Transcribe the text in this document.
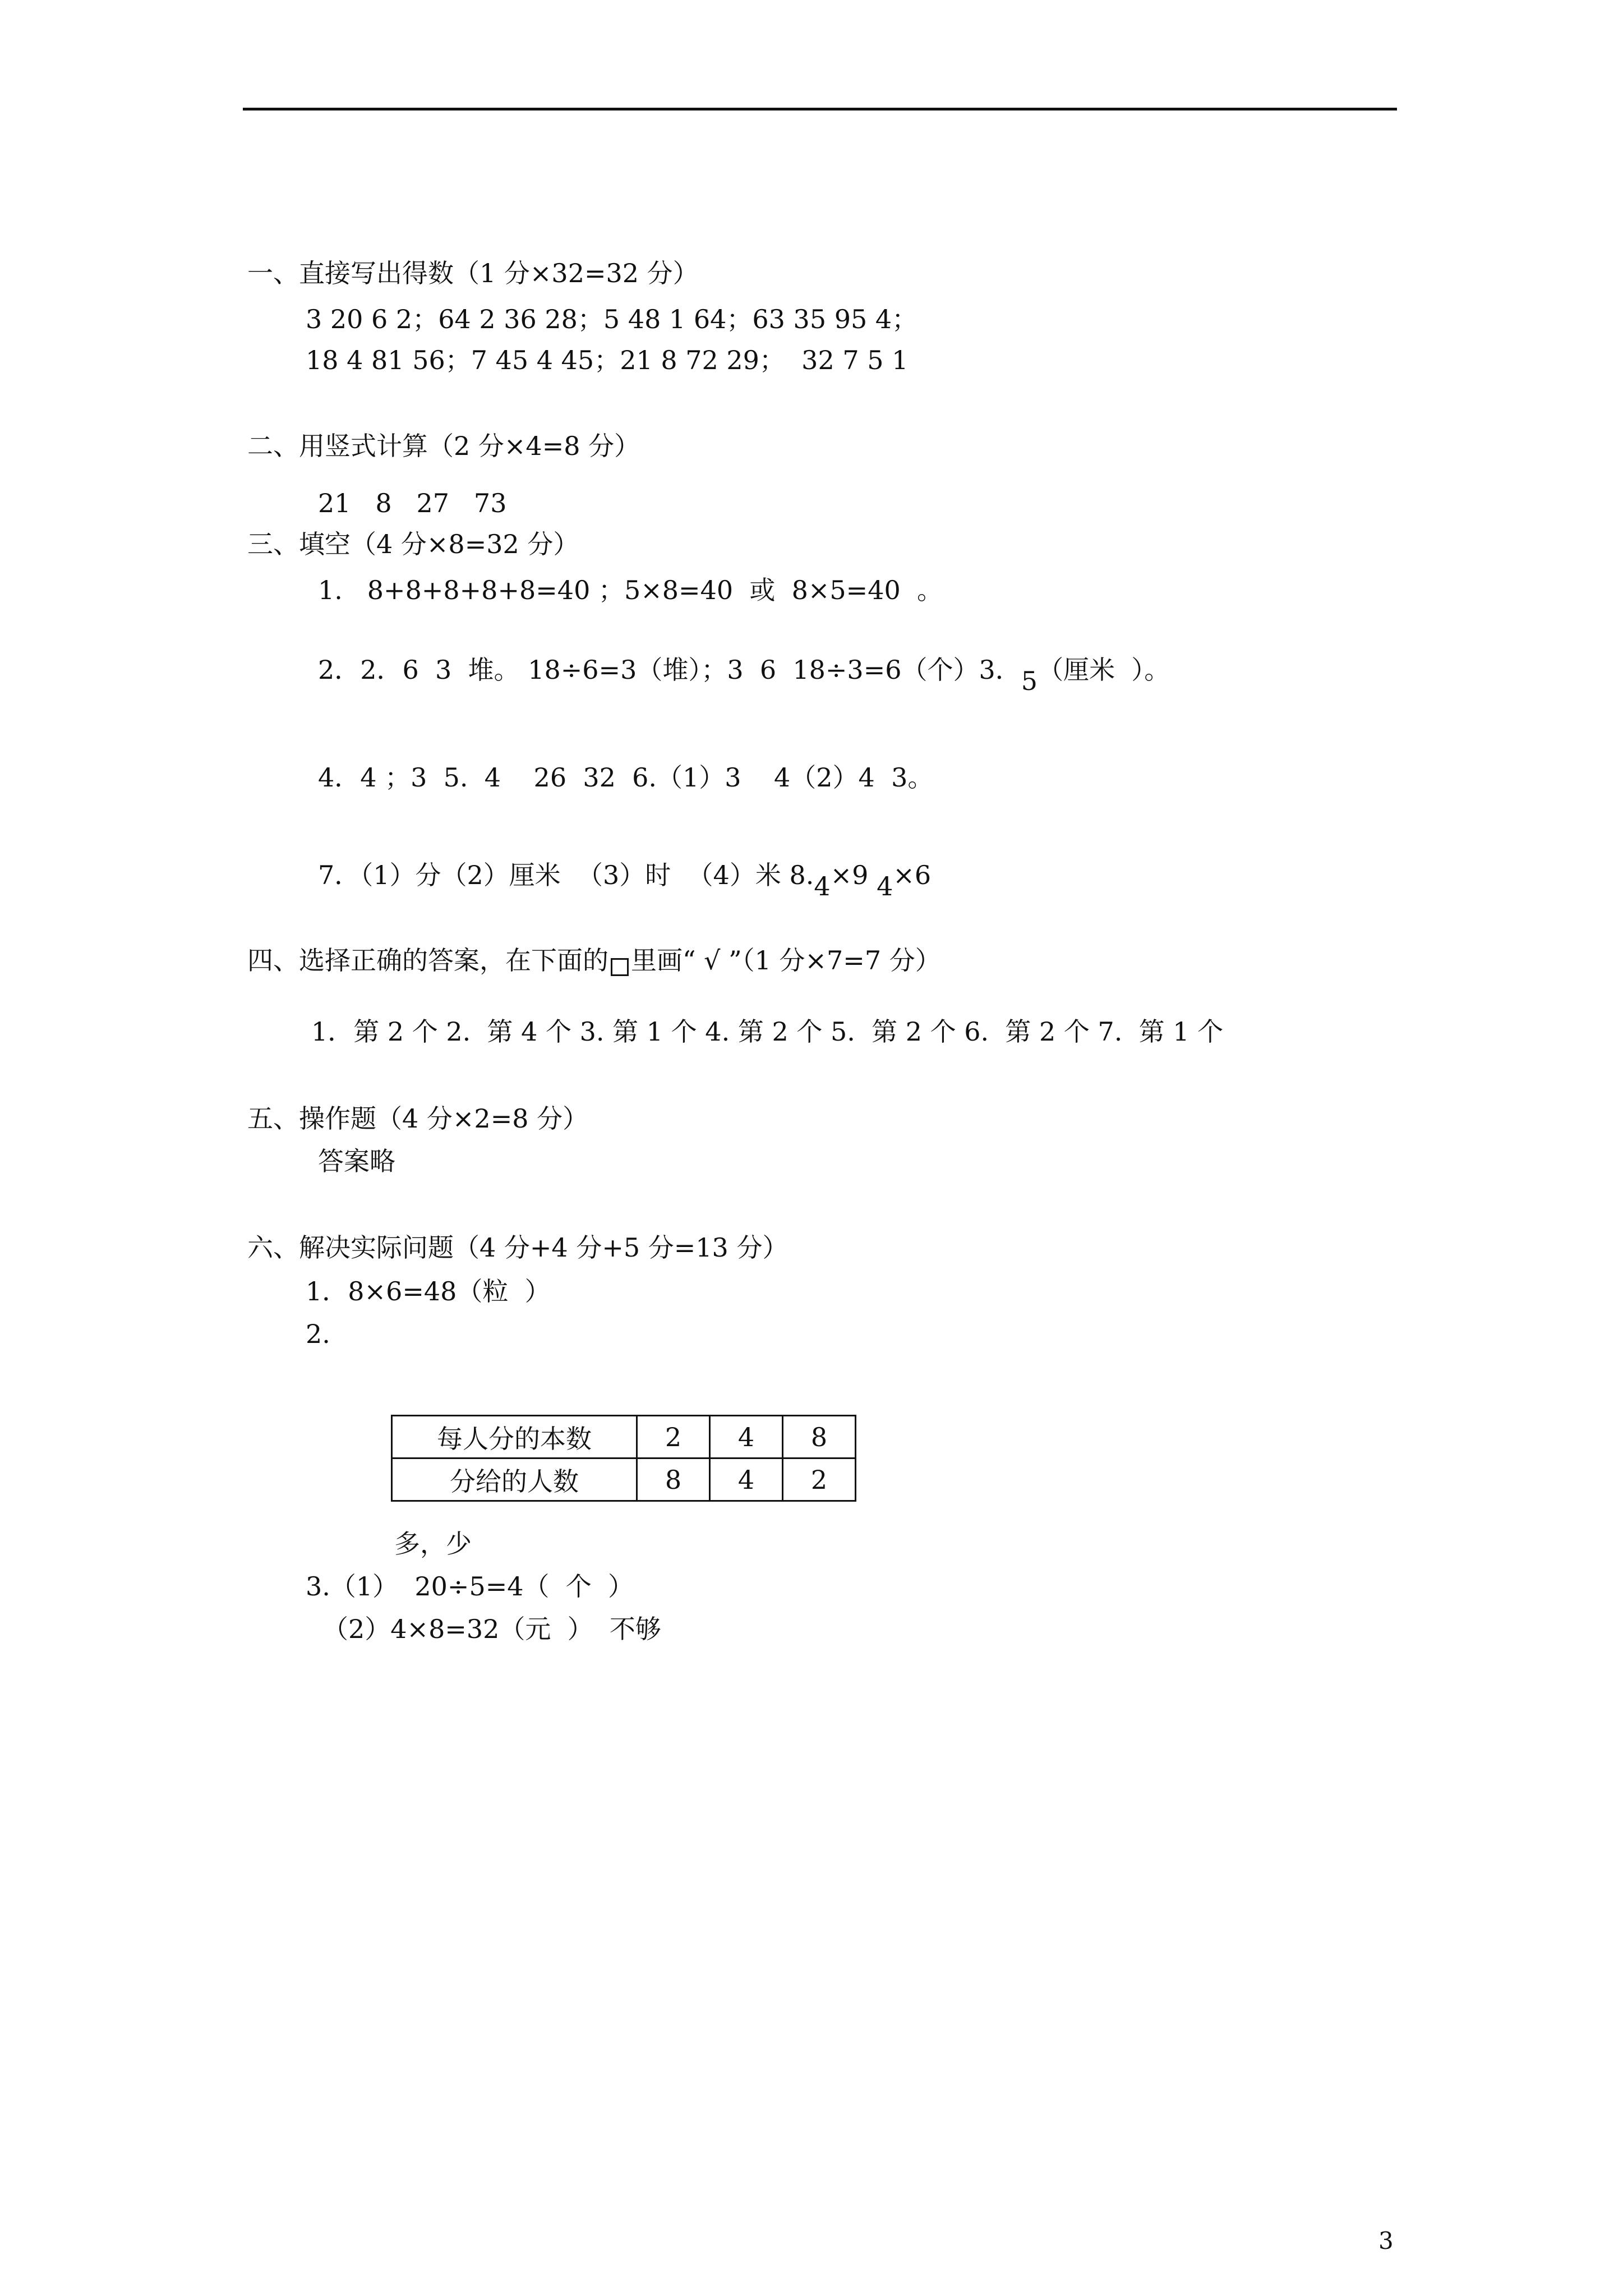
一、直接写出得数（1 分×32=32 分）
3 20 6 2；64 2 36 28；5 48 1 64；63 35 95 4；
18 4 81 56；7 45 4 45；21 8 72 29；  32 7 5 1
二、用竖式计算（2 分×4=8 分）
21   8   27   73
三、填空（4 分×8=32 分）
1.   8+8+8+8+8=40 ；5×8=40  或  8×5=40  。
2．2．6  3  堆。 18÷6=3（堆）；3  6  18÷3=6（个）3．5（厘米  ）。
4．4 ；3  5.  4    26  32  6.（1）3    4（2）4  3。
7．（1）分（2）厘米  （3）时  （4）米 8.4×9 4×6
四、选择正确的答案，在下面的 里画“ √ ”（1 分×7=7 分）
1．第 2 个 2.  第 4 个 3. 第 1 个 4. 第 2 个 5.  第 2 个 6.  第 2 个 7.  第 1 个
五、操作题（4 分×2=8 分）
答案略
六、解决实际问题（4 分+4 分+5 分=13 分）
1．8×6=48（粒  ）
2.
每人分的本数	2	4	8
分给的人数	8	4	2
多，少
3.（1）  20÷5=4（  个  ）
（2）4×8=32（元  ）  不够
3
